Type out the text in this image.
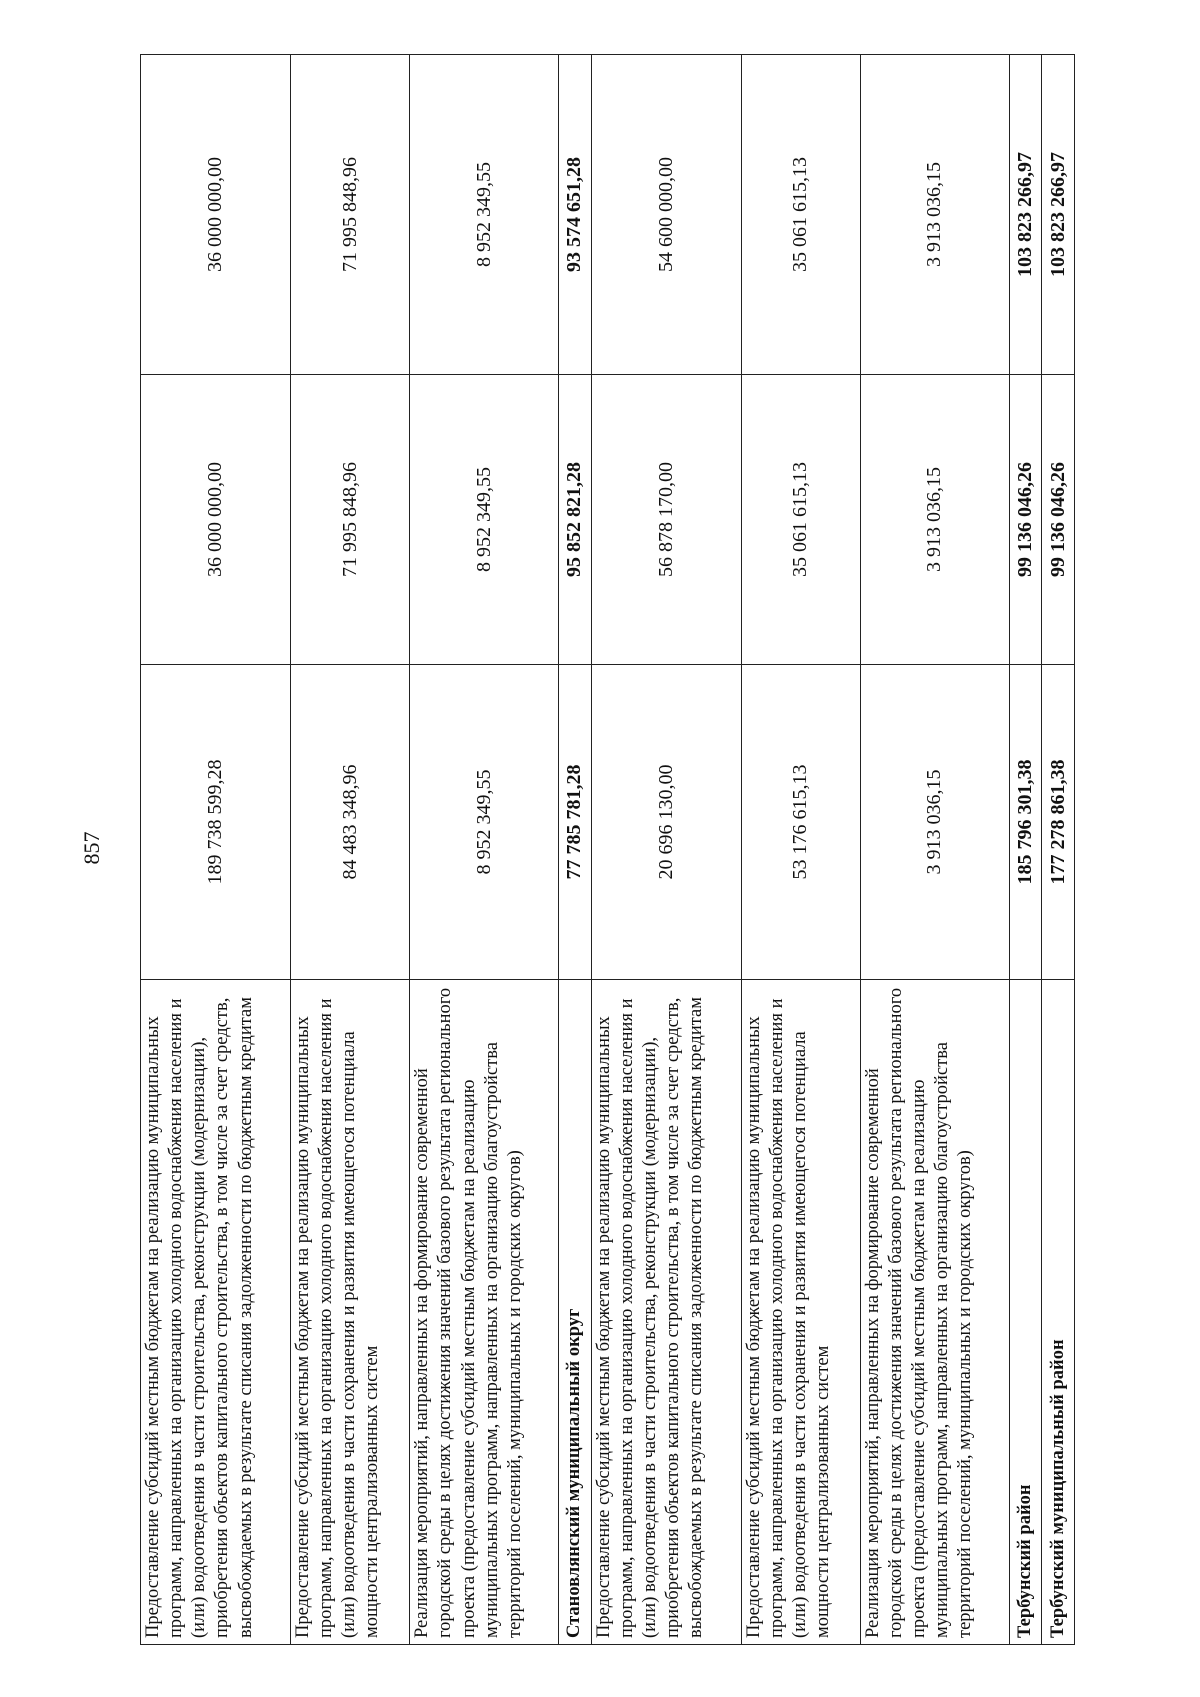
857
Предоставление субсидий местным бюджетам на реализацию муниципальных программ, направленных на организацию холодного водоснабжения населения и (или) водоотведения в части строительства, реконструкции (модернизации), приобретения объектов капитального строительства, в том числе за счет средств, высвобождаемых в результате списания задолженности по бюджетным кредитам	189 738 599,28	36 000 000,00	36 000 000,00
Предоставление субсидий местным бюджетам на реализацию муниципальных программ, направленных на организацию холодного водоснабжения населения и (или) водоотведения в части сохранения и развития имеющегося потенциала мощности централизованных систем	84 483 348,96	71 995 848,96	71 995 848,96
Реализация мероприятий, направленных на формирование современной городской среды в целях достижения значений базового результата регионального проекта (предоставление субсидий местным бюджетам на реализацию муниципальных программ, направленных на организацию благоустройства территорий поселений, муниципальных и городских округов)	8 952 349,55	8 952 349,55	8 952 349,55
Становлянский муниципальный округ	77 785 781,28	95 852 821,28	93 574 651,28
Предоставление субсидий местным бюджетам на реализацию муниципальных программ, направленных на организацию холодного водоснабжения населения и (или) водоотведения в части строительства, реконструкции (модернизации), приобретения объектов капитального строительства, в том числе за счет средств, высвобождаемых в результате списания задолженности по бюджетным кредитам	20 696 130,00	56 878 170,00	54 600 000,00
Предоставление субсидий местным бюджетам на реализацию муниципальных программ, направленных на организацию холодного водоснабжения населения и (или) водоотведения в части сохранения и развития имеющегося потенциала мощности централизованных систем	53 176 615,13	35 061 615,13	35 061 615,13
Реализация мероприятий, направленных на формирование современной городской среды в целях достижения значений базового результата регионального проекта (предоставление субсидий местным бюджетам на реализацию муниципальных программ, направленных на организацию благоустройства территорий поселений, муниципальных и городских округов)	3 913 036,15	3 913 036,15	3 913 036,15
Тербунский район	185 796 301,38	99 136 046,26	103 823 266,97
Тербунский муниципальный район	177 278 861,38	99 136 046,26	103 823 266,97
